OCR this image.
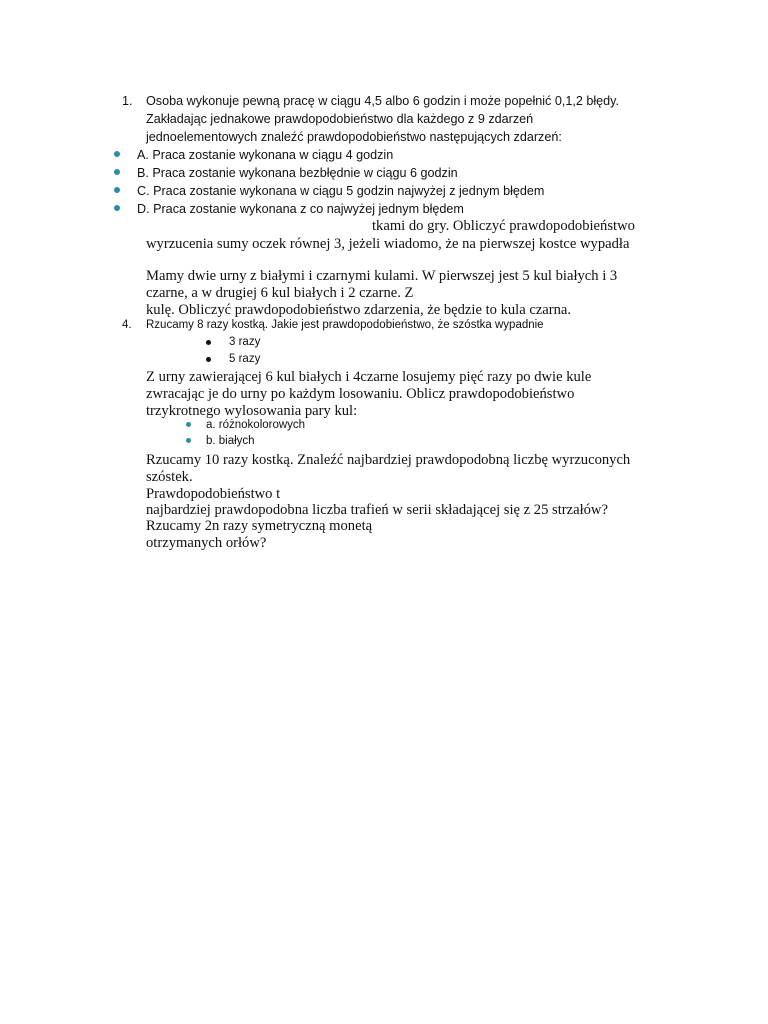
1. Osoba wykonuje pewną pracę w ciągu 4,5 albo 6 godzin i może popełnić 0,1,2 błędy.
Zakładając jednakowe prawdopodobieństwo dla każdego z 9 zdarzeń
jednoelementowych znaleźć prawdopodobieństwo następujących zdarzeń:
A. Praca zostanie wykonana w ciągu 4 godzin
B. Praca zostanie wykonana bezbłędnie w ciągu 6 godzin
C. Praca zostanie wykonana w ciągu 5 godzin najwyżej z jednym błędem
D. Praca zostanie wykonana z co najwyżej jednym błędem
tkami do gry. Obliczyć prawdopodobieństwo
wyrzucenia sumy oczek równej 3, jeżeli wiadomo, że na pierwszej kostce wypadła
Mamy dwie urny z białymi i czarnymi kulami. W pierwszej jest 5 kul białych i 3
czarne, a w drugiej 6 kul białych i 2 czarne. Z
kulę. Obliczyć prawdopodobieństwo zdarzenia, że będzie to kula czarna.
4. Rzucamy 8 razy kostką. Jakie jest prawdopodobieństwo, że szóstka wypadnie
3 razy
5 razy
Z urny zawierającej 6 kul białych i 4czarne losujemy pięć razy po dwie kule
zwracając je do urny po każdym losowaniu. Oblicz prawdopodobieństwo
trzykrotnego wylosowania pary kul:
a. różnokolorowych
b. białych
Rzucamy 10 razy kostką. Znaleźć najbardziej prawdopodobną liczbę wyrzuconych
szóstek.
Prawdopodobieństwo t
najbardziej prawdopodobna liczba trafień w serii składającej się z 25 strzałów?
Rzucamy 2n razy symetryczną monetą
otrzymanych orłów?
